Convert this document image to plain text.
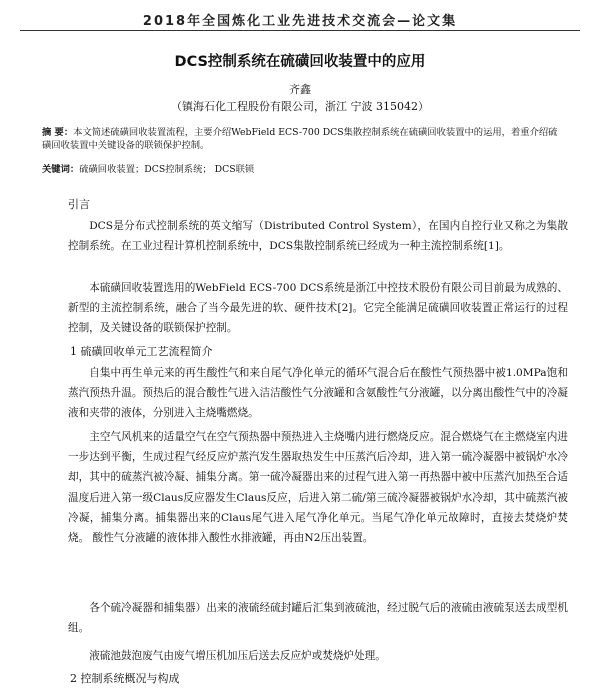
2018年全国炼化工业先进技术交流会—论文集
DCS控制系统在硫磺回收装置中的应用
齐鑫
（镇海石化工程股份有限公司，浙江 宁波 315042）
摘 要：本文简述硫磺回收装置流程，主要介绍WebField ECS-700 DCS集散控制系统在硫磺回收装置中的运用，着重介绍硫磺回收装置中关键设备的联锁保护控制。
关键词：硫磺回收装置；DCS控制系统； DCS联锁
引言
DCS是分布式控制系统的英文缩写（Distributed Control System），在国内自控行业又称之为集散控制系统。在工业过程计算机控制系统中，DCS集散控制系统已经成为一种主流控制系统[1]。
本硫磺回收装置选用的WebField ECS-700 DCS系统是浙江中控技术股份有限公司目前最为成熟的、新型的主流控制系统，融合了当今最先进的软、硬件技术[2]。它完全能满足硫磺回收装置正常运行的过程控制，及关键设备的联锁保护控制。
1 硫磺回收单元工艺流程简介
自集中再生单元来的再生酸性气和来自尾气净化单元的循环气混合后在酸性气预热器中被1.0MPa饱和蒸汽预热升温。预热后的混合酸性气进入洁洁酸性气分液罐和含氨酸性气分液罐，以分离出酸性气中的冷凝液和夹带的液体，分别进入主烧嘴燃烧。
主空气风机来的适量空气在空气预热器中预热进入主烧嘴内进行燃烧反应。混合燃烧气在主燃烧室内进一步达到平衡，生成过程气经反应炉蒸汽发生器取热发生中压蒸汽后冷却，进入第一硫冷凝器中被锅炉水冷却，其中的硫蒸汽被冷凝、捕集分离。第一硫冷凝器出来的过程气进入第一再热器中被中压蒸汽加热至合适温度后进入第一级Claus反应器发生Claus反应，后进入第二硫/第三硫冷凝器被锅炉水冷却，其中硫蒸汽被冷凝，捕集分离。捕集器出来的Claus尾气进入尾气净化单元。当尾气净化单元故障时，直接去焚烧炉焚烧。 酸性气分液罐的液体排入酸性水排液罐，再由N2压出装置。
各个硫冷凝器和捕集器）出来的液硫经硫封罐后汇集到液硫池，经过脱气后的液硫由液硫泵送去成型机组。
液硫池鼓泡废气由废气增压机加压后送去反应炉或焚烧炉处理。
2 控制系统概况与构成
